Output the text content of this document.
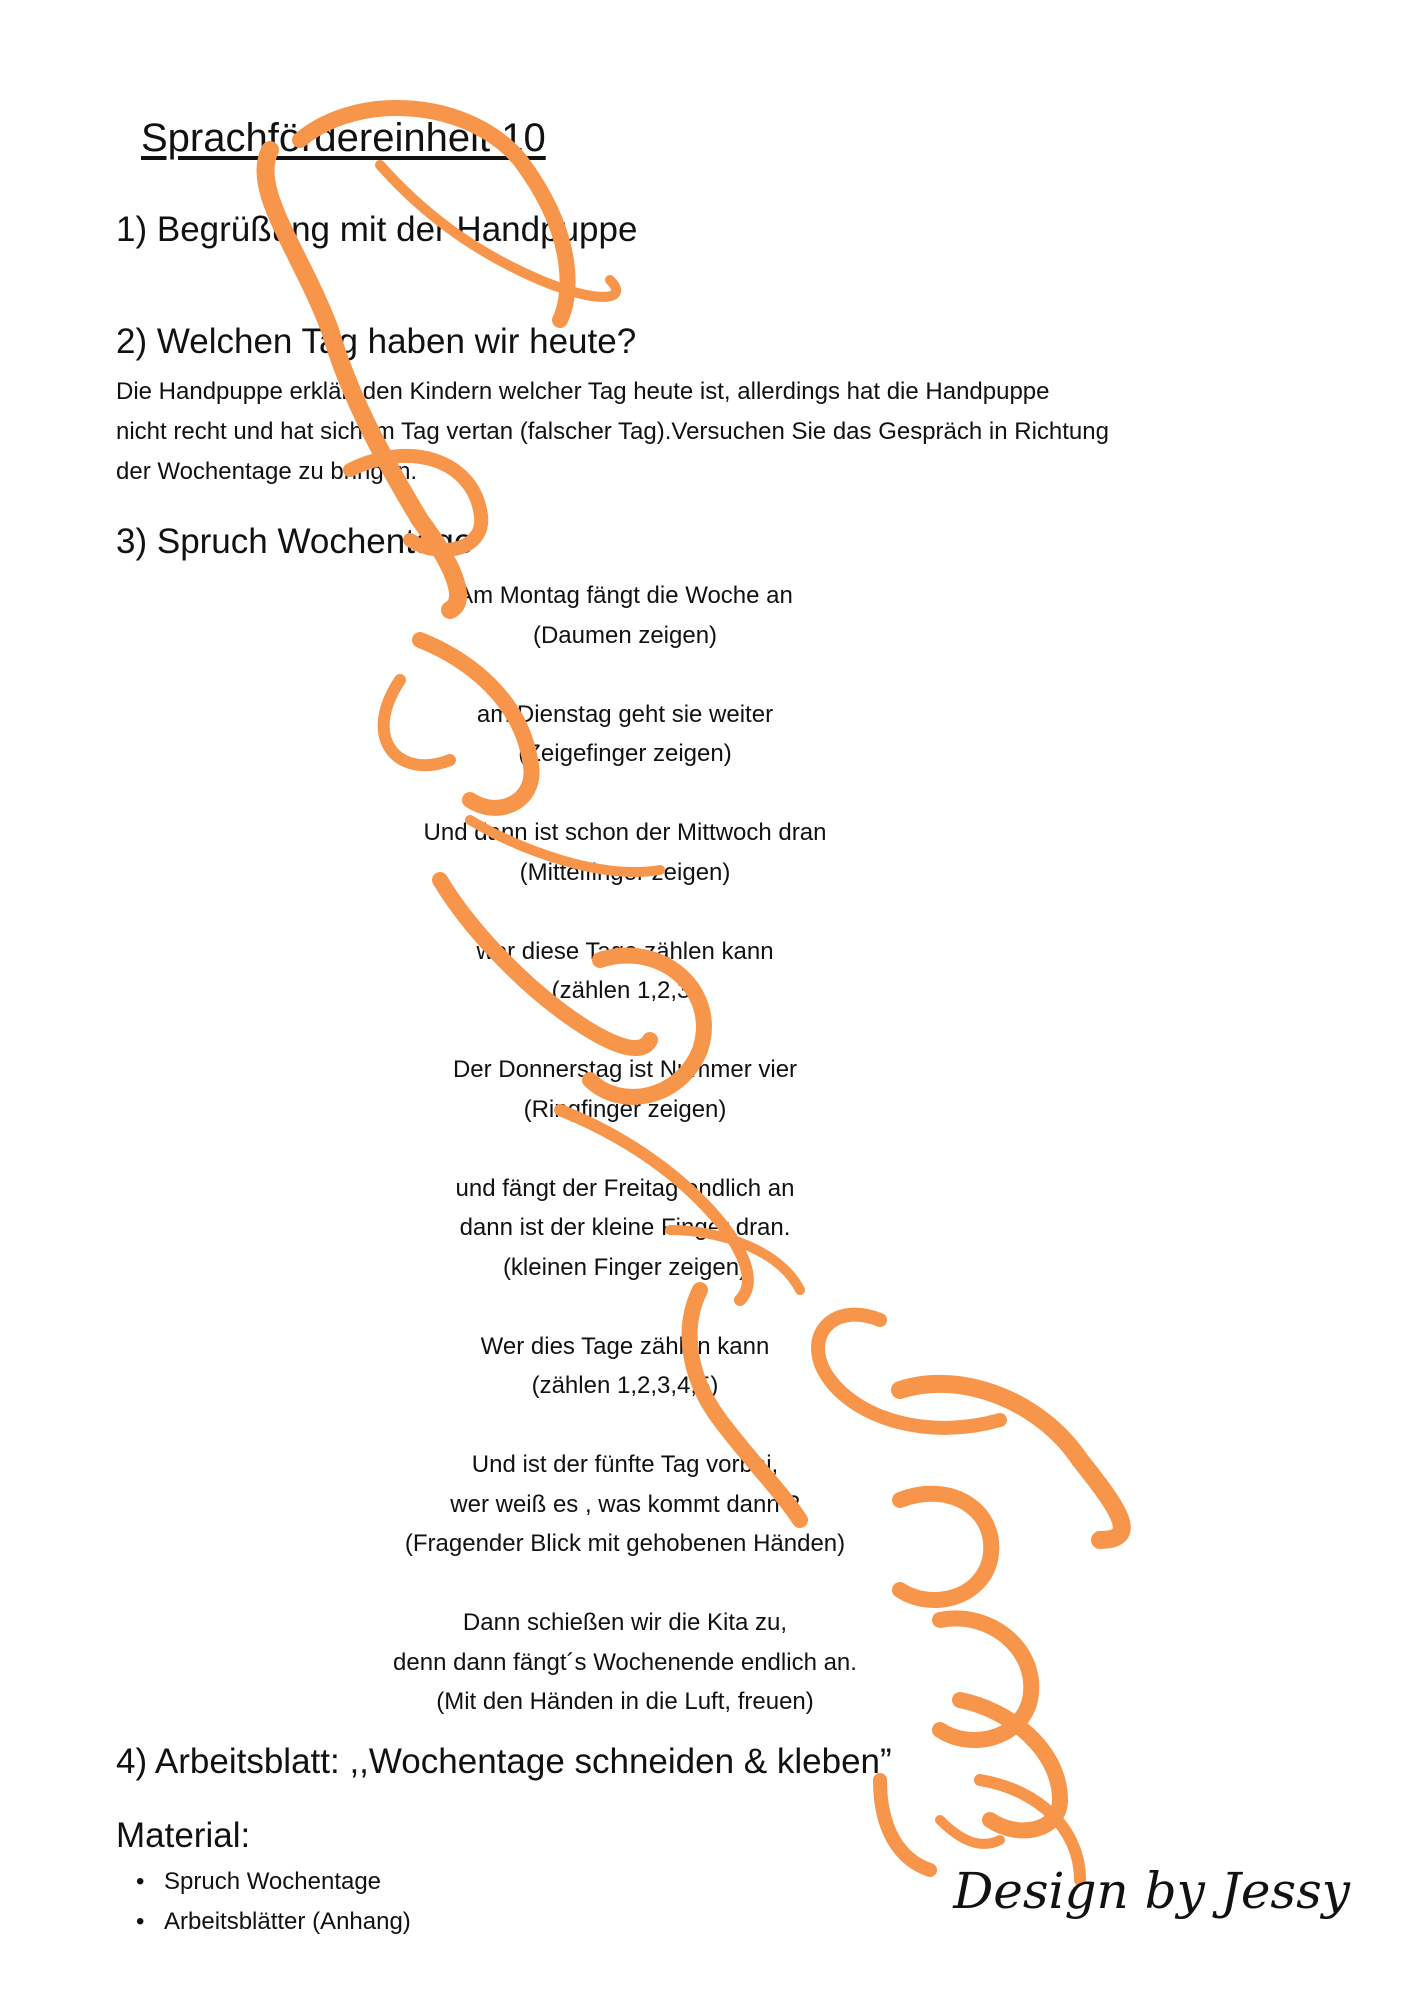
Sprachfördereinheit 10
1) Begrüßung mit der Handpuppe
2) Welchen Tag haben wir heute?
Die Handpuppe erklärt den Kindern welcher Tag heute ist, allerdings hat die Handpuppe
nicht recht und hat sich im Tag vertan (falscher Tag).Versuchen Sie das Gespräch in Richtung
der Wochentage zu bringen.
3) Spruch Wochentage
Am Montag fängt die Woche an
(Daumen zeigen)
am Dienstag geht sie weiter
(Zeigefinger zeigen)
Und dann ist schon der Mittwoch dran
(Mittelfinger zeigen)
wer diese Tage zählen kann
(zählen 1,2,3)
Der Donnerstag ist Nummer vier
(Ringfinger zeigen)
und fängt der Freitag endlich an
dann ist der kleine Finger dran.
(kleinen Finger zeigen)
Wer dies Tage zählen kann
(zählen 1,2,3,4,5)
Und ist der fünfte Tag vorbei,
wer weiß es , was kommt dann ?
(Fragender Blick mit gehobenen Händen)
Dann schießen wir die Kita zu,
denn dann fängt´s Wochenende endlich an.
(Mit den Händen in die Luft, freuen)
4) Arbeitsblatt: ,,Wochentage schneiden & kleben”
Material:
• Spruch Wochentage
• Arbeitsblätter (Anhang)
Design by Jessy
